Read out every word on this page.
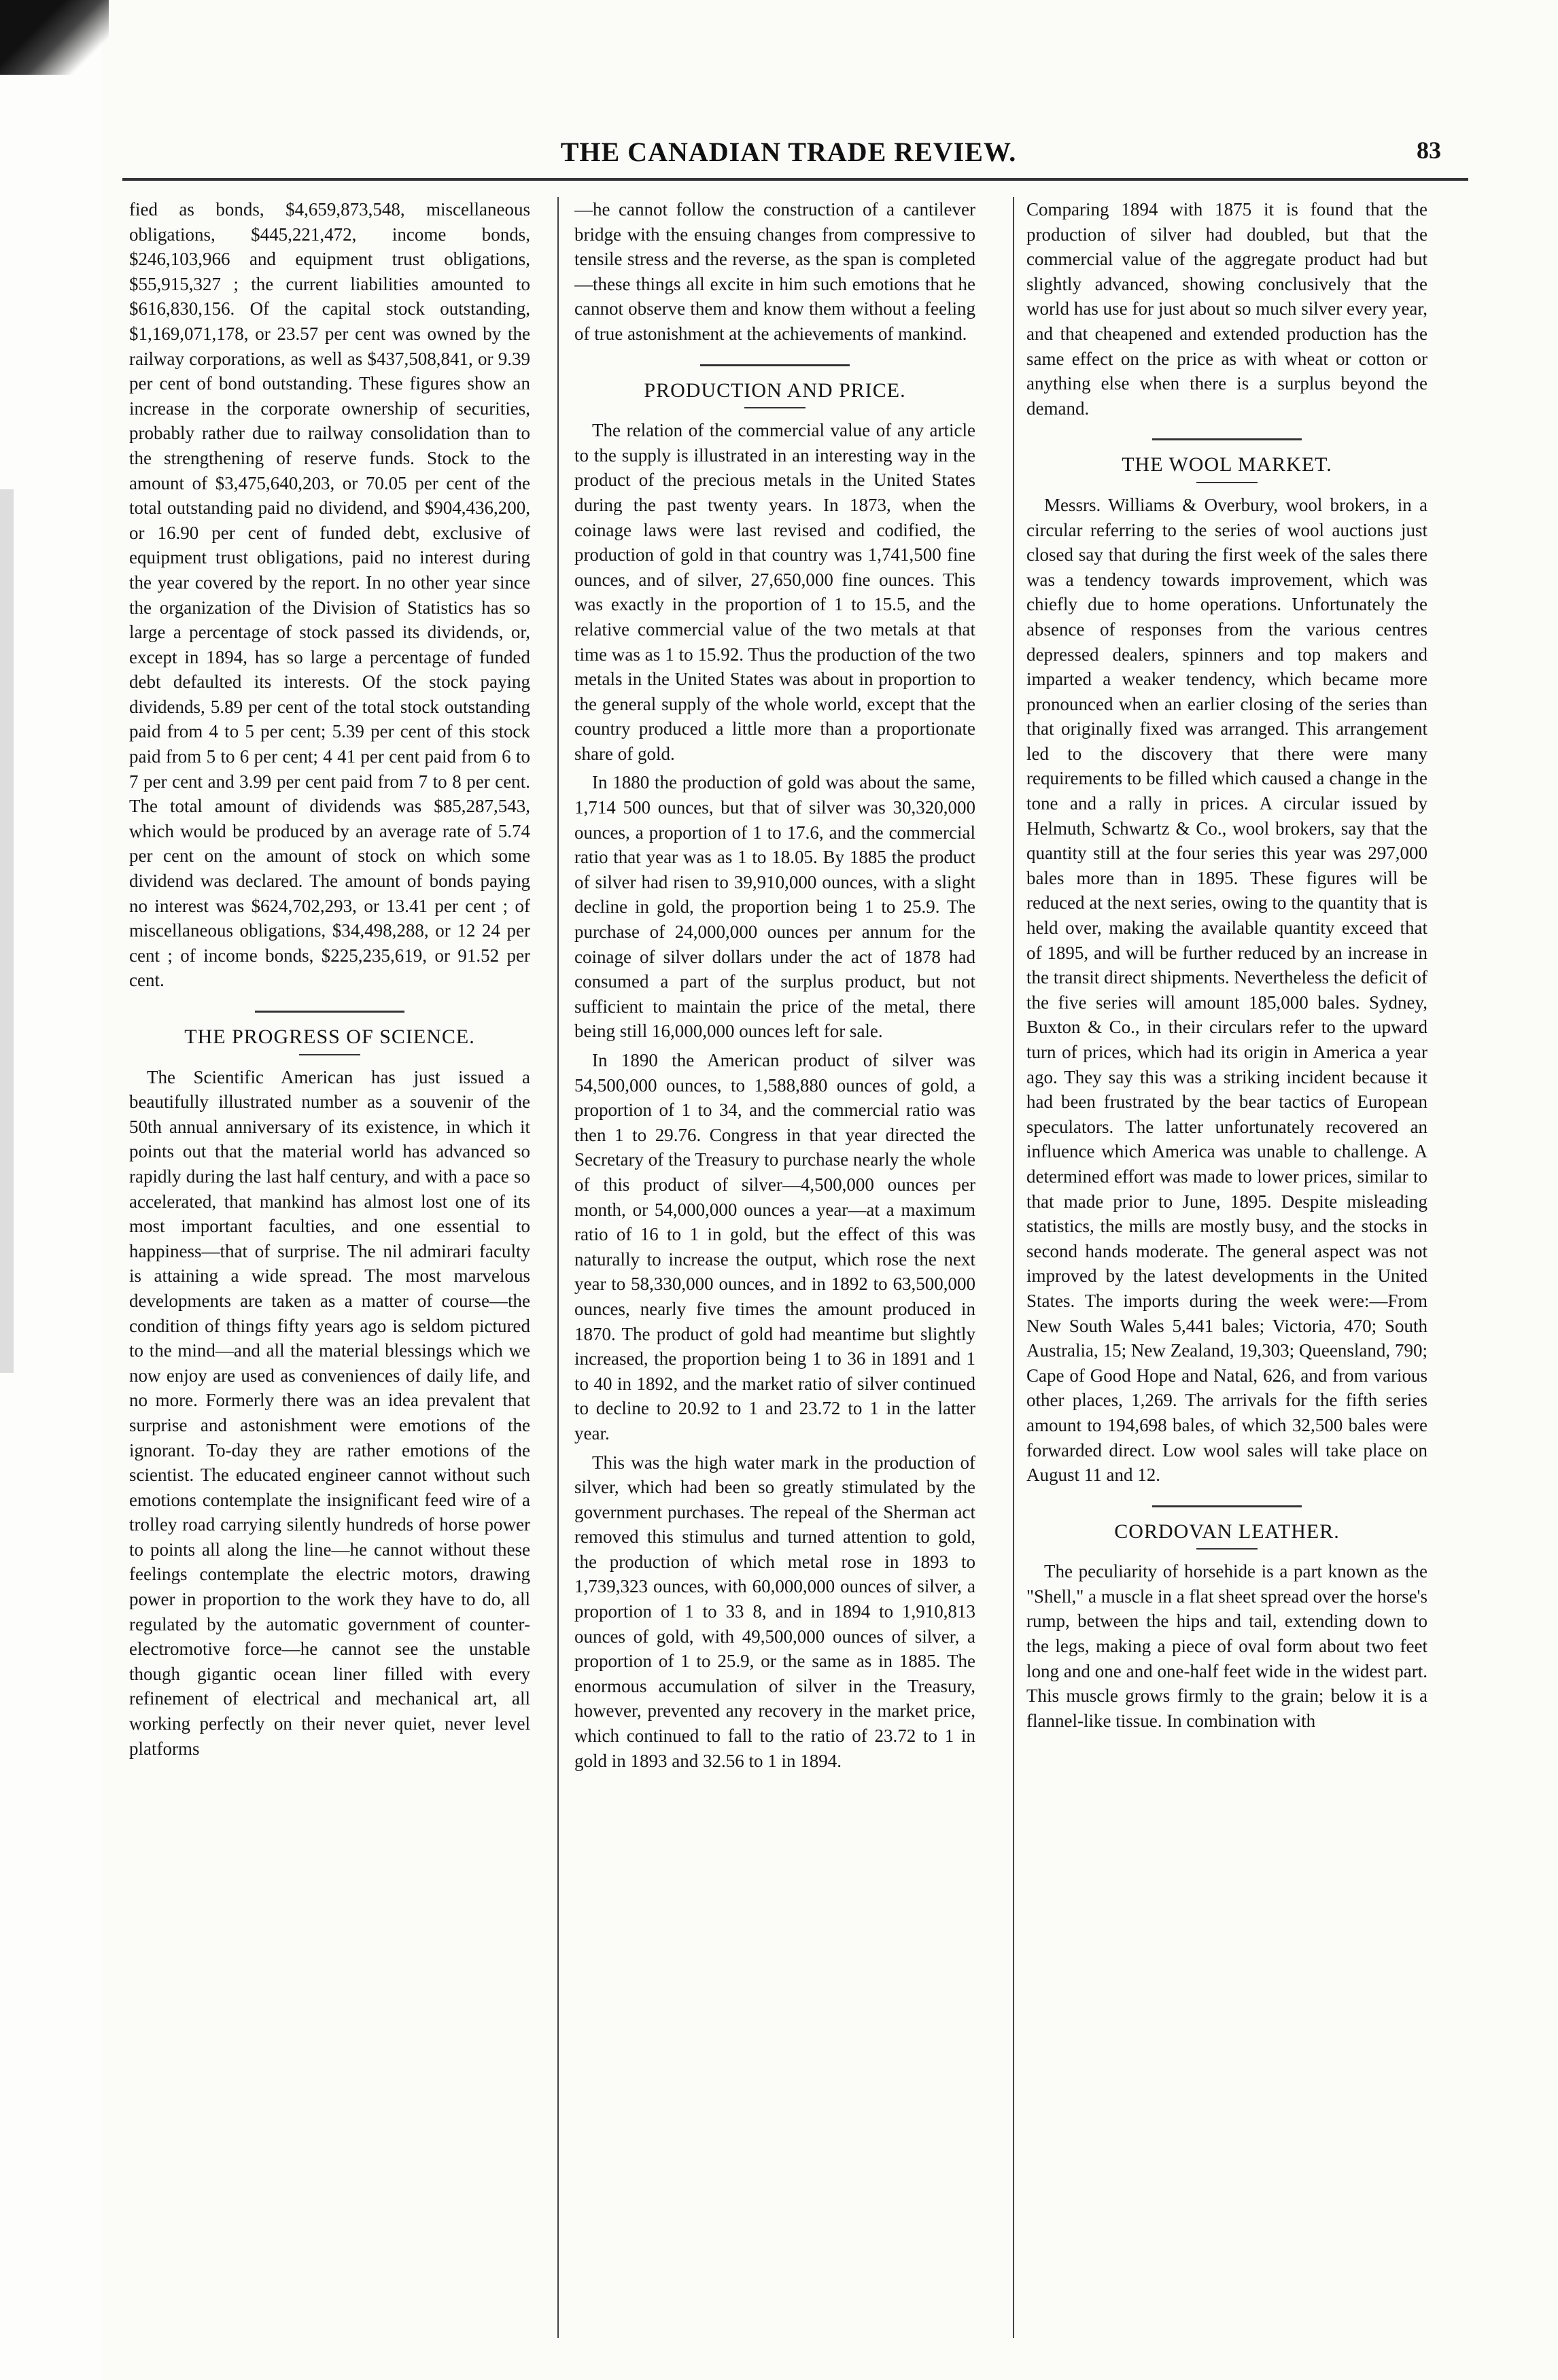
THE CANADIAN TRADE REVIEW.	83

fied as bonds, $4,659,873,548, miscellaneous obligations, $445,221,472, income bonds, $246,103,966 and equipment trust obligations, $55,915,327 ; the current liabilities amounted to $616,830,156. Of the capital stock outstanding, $1,169,071,178, or 23.57 per cent was owned by the railway corporations, as well as $437,508,841, or 9.39 per cent of bond outstanding. These figures show an increase in the corporate ownership of securities, probably rather due to railway consolidation than to the strengthening of reserve funds. Stock to the amount of $3,475,640,203, or 70.05 per cent of the total outstanding paid no dividend, and $904,436,200, or 16.90 per cent of funded debt, exclusive of equipment trust obligations, paid no interest during the year covered by the report. In no other year since the organization of the Division of Statistics has so large a percentage of stock passed its dividends, or, except in 1894, has so large a percentage of funded debt defaulted its interests. Of the stock paying dividends, 5.89 per cent of the total stock outstanding paid from 4 to 5 per cent; 5.39 per cent of this stock paid from 5 to 6 per cent; 4 41 per cent paid from 6 to 7 per cent and 3.99 per cent paid from 7 to 8 per cent. The total amount of dividends was $85,287,543, which would be produced by an average rate of 5.74 per cent on the amount of stock on which some dividend was declared. The amount of bonds paying no interest was $624,702,293, or 13.41 per cent ; of miscellaneous obligations, $34,498,288, or 12 24 per cent ; of income bonds, $225,235,619, or 91.52 per cent.

THE PROGRESS OF SCIENCE.

The Scientific American has just issued a beautifully illustrated number as a souvenir of the 50th annual anniversary of its existence, in which it points out that the material world has advanced so rapidly during the last half century, and with a pace so accelerated, that mankind has almost lost one of its most important faculties, and one essential to happiness—that of surprise. The nil admirari faculty is attaining a wide spread. The most marvelous developments are taken as a matter of course—the condition of things fifty years ago is seldom pictured to the mind—and all the material blessings which we now enjoy are used as conveniences of daily life, and no more. Formerly there was an idea prevalent that surprise and astonishment were emotions of the ignorant. To-day they are rather emotions of the scientist. The educated engineer cannot without such emotions contemplate the insignificant feed wire of a trolley road carrying silently hundreds of horse power to points all along the line—he cannot without these feelings contemplate the electric motors, drawing power in proportion to the work they have to do, all regulated by the automatic government of counter-electromotive force—he cannot see the unstable though gigantic ocean liner filled with every refinement of electrical and mechanical art, all working perfectly on their never quiet, never level platforms

—he cannot follow the construction of a cantilever bridge with the ensuing changes from compressive to tensile stress and the reverse, as the span is completed—these things all excite in him such emotions that he cannot observe them and know them without a feeling of true astonishment at the achievements of mankind.

PRODUCTION AND PRICE.

The relation of the commercial value of any article to the supply is illustrated in an interesting way in the product of the precious metals in the United States during the past twenty years. In 1873, when the coinage laws were last revised and codified, the production of gold in that country was 1,741,500 fine ounces, and of silver, 27,650,000 fine ounces. This was exactly in the proportion of 1 to 15.5, and the relative commercial value of the two metals at that time was as 1 to 15.92. Thus the production of the two metals in the United States was about in proportion to the general supply of the whole world, except that the country produced a little more than a proportionate share of gold.

In 1880 the production of gold was about the same, 1,714 500 ounces, but that of silver was 30,320,000 ounces, a proportion of 1 to 17.6, and the commercial ratio that year was as 1 to 18.05. By 1885 the product of silver had risen to 39,910,000 ounces, with a slight decline in gold, the proportion being 1 to 25.9. The purchase of 24,000,000 ounces per annum for the coinage of silver dollars under the act of 1878 had consumed a part of the surplus product, but not sufficient to maintain the price of the metal, there being still 16,000,000 ounces left for sale.

In 1890 the American product of silver was 54,500,000 ounces, to 1,588,880 ounces of gold, a proportion of 1 to 34, and the commercial ratio was then 1 to 29.76. Congress in that year directed the Secretary of the Treasury to purchase nearly the whole of this product of silver—4,500,000 ounces per month, or 54,000,000 ounces a year—at a maximum ratio of 16 to 1 in gold, but the effect of this was naturally to increase the output, which rose the next year to 58,330,000 ounces, and in 1892 to 63,500,000 ounces, nearly five times the amount produced in 1870. The product of gold had meantime but slightly increased, the proportion being 1 to 36 in 1891 and 1 to 40 in 1892, and the market ratio of silver continued to decline to 20.92 to 1 and 23.72 to 1 in the latter year.

This was the high water mark in the production of silver, which had been so greatly stimulated by the government purchases. The repeal of the Sherman act removed this stimulus and turned attention to gold, the production of which metal rose in 1893 to 1,739,323 ounces, with 60,000,000 ounces of silver, a proportion of 1 to 33 8, and in 1894 to 1,910,813 ounces of gold, with 49,500,000 ounces of silver, a proportion of 1 to 25.9, or the same as in 1885. The enormous accumulation of silver in the Treasury, however, prevented any recovery in the market price, which continued to fall to the ratio of 23.72 to 1 in gold in 1893 and 32.56 to 1 in 1894.

Comparing 1894 with 1875 it is found that the production of silver had doubled, but that the commercial value of the aggregate product had but slightly advanced, showing conclusively that the world has use for just about so much silver every year, and that cheapened and extended production has the same effect on the price as with wheat or cotton or anything else when there is a surplus beyond the demand.

THE WOOL MARKET.

Messrs. Williams & Overbury, wool brokers, in a circular referring to the series of wool auctions just closed say that during the first week of the sales there was a tendency towards improvement, which was chiefly due to home operations. Unfortunately the absence of responses from the various centres depressed dealers, spinners and top makers and imparted a weaker tendency, which became more pronounced when an earlier closing of the series than that originally fixed was arranged. This arrangement led to the discovery that there were many requirements to be filled which caused a change in the tone and a rally in prices. A circular issued by Helmuth, Schwartz & Co., wool brokers, say that the quantity still at the four series this year was 297,000 bales more than in 1895. These figures will be reduced at the next series, owing to the quantity that is held over, making the available quantity exceed that of 1895, and will be further reduced by an increase in the transit direct shipments. Nevertheless the deficit of the five series will amount 185,000 bales. Sydney, Buxton & Co., in their circulars refer to the upward turn of prices, which had its origin in America a year ago. They say this was a striking incident because it had been frustrated by the bear tactics of European speculators. The latter unfortunately recovered an influence which America was unable to challenge. A determined effort was made to lower prices, similar to that made prior to June, 1895. Despite misleading statistics, the mills are mostly busy, and the stocks in second hands moderate. The general aspect was not improved by the latest developments in the United States. The imports during the week were:—From New South Wales 5,441 bales; Victoria, 470; South Australia, 15; New Zealand, 19,303; Queensland, 790; Cape of Good Hope and Natal, 626, and from various other places, 1,269. The arrivals for the fifth series amount to 194,698 bales, of which 32,500 bales were forwarded direct. Low wool sales will take place on August 11 and 12.

CORDOVAN LEATHER.

The peculiarity of horsehide is a part known as the "Shell," a muscle in a flat sheet spread over the horse's rump, between the hips and tail, extending down to the legs, making a piece of oval form about two feet long and one and one-half feet wide in the widest part. This muscle grows firmly to the grain; below it is a flannel-like tissue. In combination with
